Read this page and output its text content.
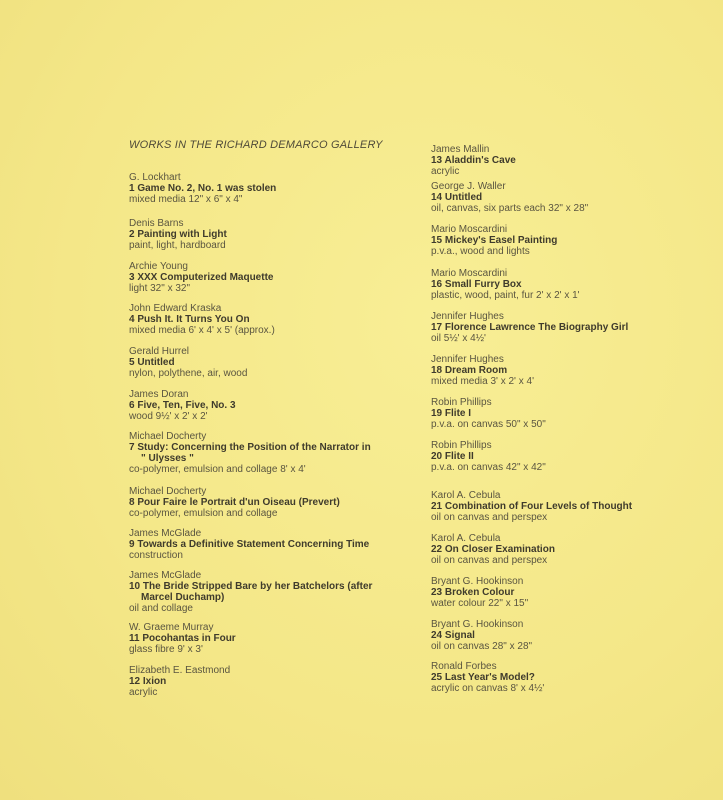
WORKS IN THE RICHARD DEMARCO GALLERY
G. Lockhart
1 Game No. 2, No. 1 was stolen
mixed media 12" x 6" x 4"
Denis Barns
2 Painting with Light
paint, light, hardboard
Archie Young
3 XXX Computerized Maquette
light 32" x 32"
John Edward Kraska
4 Push It. It Turns You On
mixed media 6' x 4' x 5' (approx.)
Gerald Hurrel
5 Untitled
nylon, polythene, air, wood
James Doran
6 Five, Ten, Five, No. 3
wood 9½' x 2' x 2'
Michael Docherty
7 Study: Concerning the Position of the Narrator in
" Ulysses "
co-polymer, emulsion and collage 8' x 4'
Michael Docherty
8 Pour Faire le Portrait d'un Oiseau (Prevert)
co-polymer, emulsion and collage
James McGlade
9 Towards a Definitive Statement Concerning Time
construction
James McGlade
10 The Bride Stripped Bare by her Batchelors (after
Marcel Duchamp)
oil and collage
W. Graeme Murray
11 Pocohantas in Four
glass fibre 9' x 3'
Elizabeth E. Eastmond
12 Ixion
acrylic
James Mallin
13 Aladdin's Cave
acrylic
George J. Waller
14 Untitled
oil, canvas, six parts each 32" x 28"
Mario Moscardini
15 Mickey's Easel Painting
p.v.a., wood and lights
Mario Moscardini
16 Small Furry Box
plastic, wood, paint, fur 2' x 2' x 1'
Jennifer Hughes
17 Florence Lawrence The Biography Girl
oil 5½' x 4½'
Jennifer Hughes
18 Dream Room
mixed media 3' x 2' x 4'
Robin Phillips
19 Flite I
p.v.a. on canvas 50" x 50"
Robin Phillips
20 Flite II
p.v.a. on canvas 42" x 42"
Karol A. Cebula
21 Combination of Four Levels of Thought
oil on canvas and perspex
Karol A. Cebula
22 On Closer Examination
oil on canvas and perspex
Bryant G. Hookinson
23 Broken Colour
water colour 22" x 15"
Bryant G. Hookinson
24 Signal
oil on canvas 28" x 28"
Ronald Forbes
25 Last Year's Model?
acrylic on canvas 8' x 4½'
